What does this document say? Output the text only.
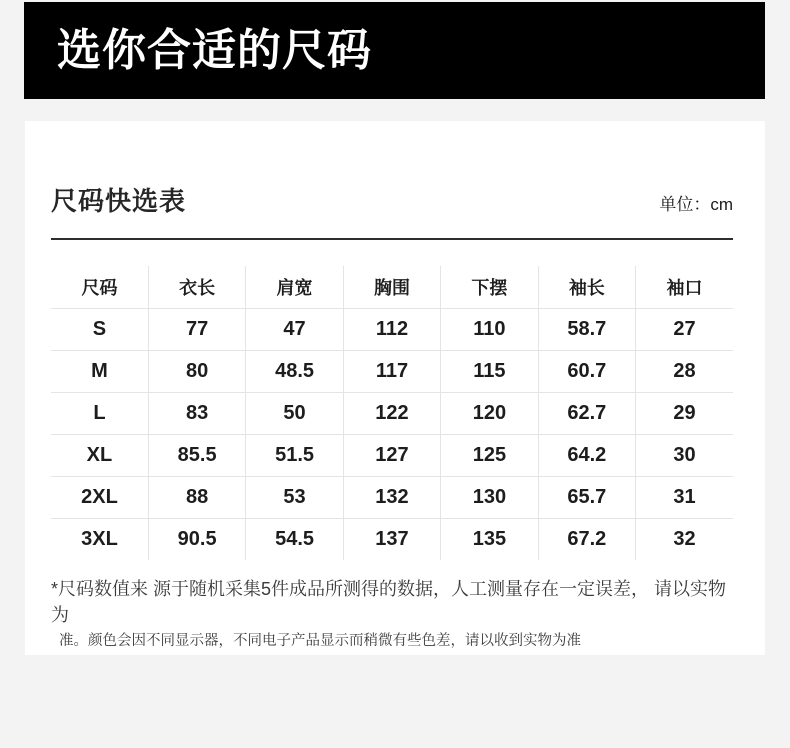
选你合适的尺码
尺码快选表	单位：cm
尺码	衣长	肩宽	胸围	下摆	袖长	袖口
S	77	47	112	110	58.7	27
M	80	48.5	117	115	60.7	28
L	83	50	122	120	62.7	29
XL	85.5	51.5	127	125	64.2	30
2XL	88	53	132	130	65.7	31
3XL	90.5	54.5	137	135	67.2	32

*尺码数值来 源于随机采集5件成品所测得的数据，人工测量存在一定误差， 请以实物为

准。颜色会因不同显示器，不同电子产品显示而稍微有些色差，请以收到实物为准
